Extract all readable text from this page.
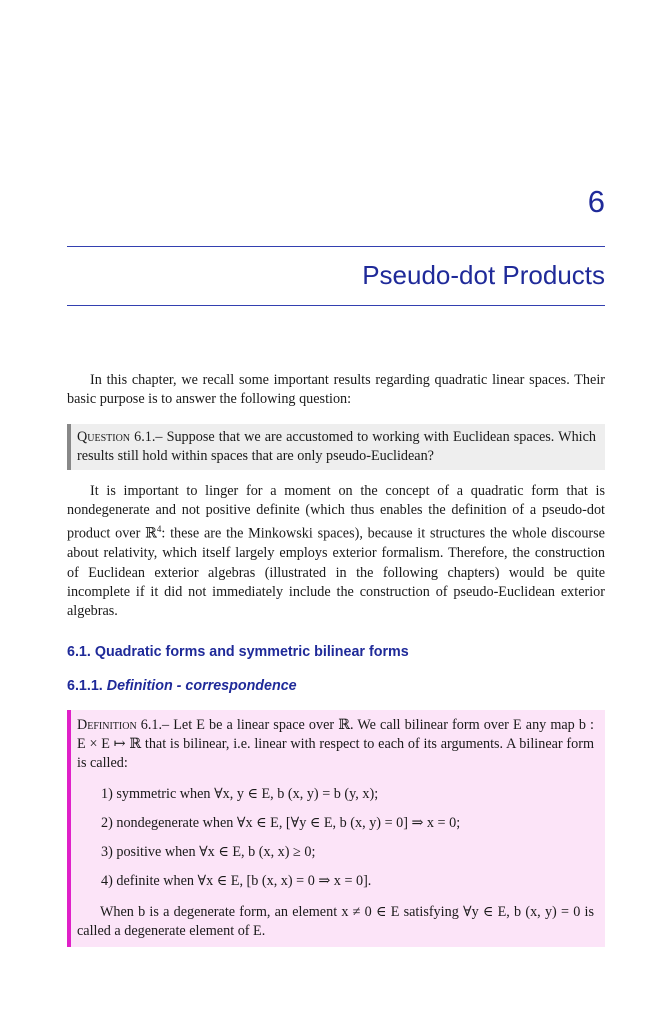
6
Pseudo-dot Products

In this chapter, we recall some important results regarding quadratic linear spaces. Their basic purpose is to answer the following question:

Question 6.1.– Suppose that we are accustomed to working with Euclidean spaces. Which results still hold within spaces that are only pseudo-Euclidean?

It is important to linger for a moment on the concept of a quadratic form that is nondegenerate and not positive definite (which thus enables the definition of a pseudo-dot product over ℝ$^4$: these are the Minkowski spaces), because it structures the whole discourse about relativity, which itself largely employs exterior formalism. Therefore, the construction of Euclidean exterior algebras (illustrated in the following chapters) would be quite incomplete if it did not immediately include the construction of pseudo-Euclidean exterior algebras.

6.1. Quadratic forms and symmetric bilinear forms
6.1.1. Definition - correspondence

Definition 6.1.– Let E be a linear space over ℝ. We call bilinear form over E any map b : E × E ↦ ℝ that is bilinear, i.e. linear with respect to each of its arguments. A bilinear form is called:

1) symmetric when ∀x, y ∈ E, b (x, y) = b (y, x);
2) nondegenerate when ∀x ∈ E, [∀y ∈ E, b (x, y) = 0] ⇒ x = 0;
3) positive when ∀x ∈ E, b (x, x) ≥ 0;
4) definite when ∀x ∈ E, [b (x, x) = 0 ⇒ x = 0].

When b is a degenerate form, an element x ≠ 0 ∈ E satisfying ∀y ∈ E, b (x, y) = 0 is called a degenerate element of E.
